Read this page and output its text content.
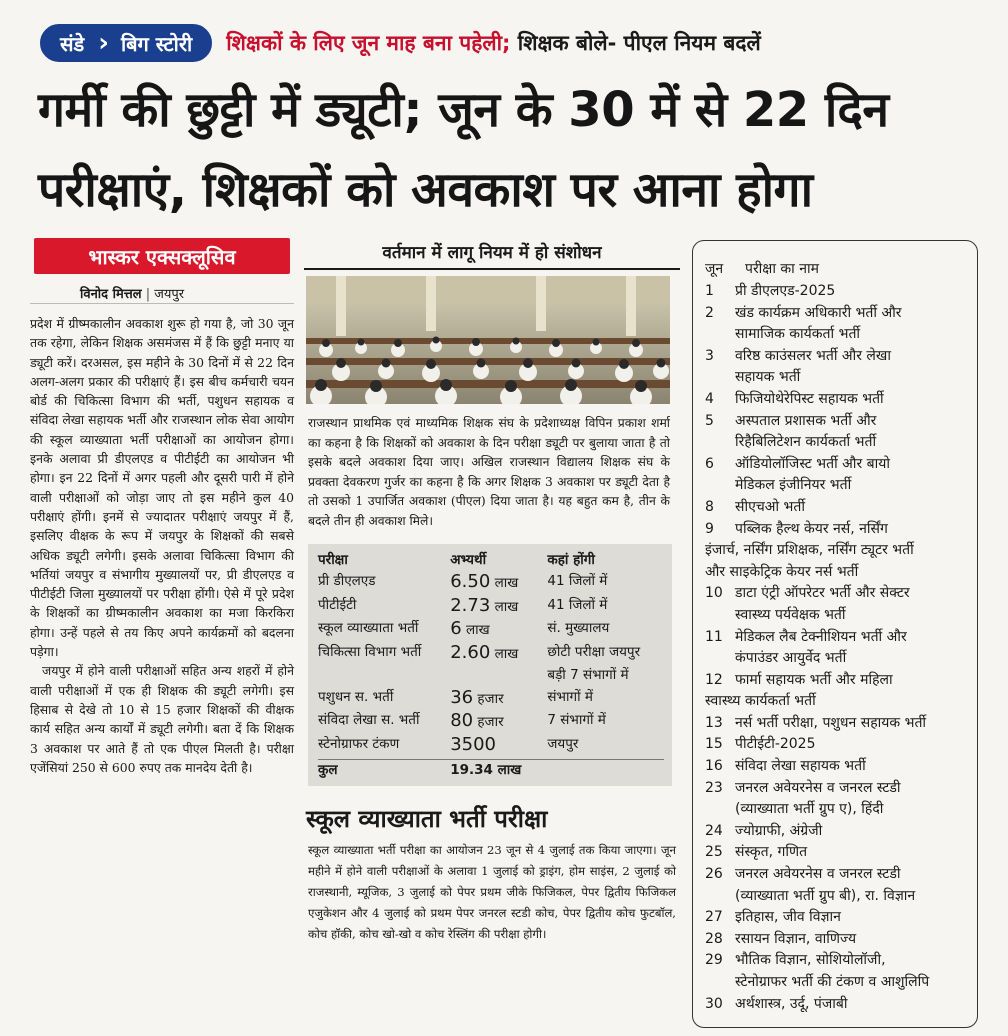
संडे › बिग स्टोरी	शिक्षकों के लिए जून माह बना पहेली; शिक्षक बोले- पीएल नियम बदलें
गर्मी की छुट्टी में ड्यूटी; जून के 30 में से 22 दिन
परीक्षाएं, शिक्षकों को अवकाश पर आना होगा
भास्कर एक्सक्लूसिव
विनोद मित्तल | जयपुर

प्रदेश में ग्रीष्मकालीन अवकाश शुरू हो गया है, जो 30 जून तक रहेगा, लेकिन शिक्षक असमंजस में हैं कि छुट्टी मनाए या ड्यूटी करें। दरअसल, इस महीने के 30 दिनों में से 22 दिन अलग-अलग प्रकार की परीक्षाएं हैं। इस बीच कर्मचारी चयन बोर्ड की चिकित्सा विभाग की भर्ती, पशुधन सहायक व संविदा लेखा सहायक भर्ती और राजस्थान लोक सेवा आयोग की स्कूल व्याख्याता भर्ती परीक्षाओं का आयोजन होगा। इनके अलावा प्री डीएलएड व पीटीईटी का आयोजन भी होगा। इन 22 दिनों में अगर पहली और दूसरी पारी में होने वाली परीक्षाओं को जोड़ा जाए तो इस महीने कुल 40 परीक्षाएं होंगी। इनमें से ज्यादातर परीक्षाएं जयपुर में हैं, इसलिए वीक्षक के रूप में जयपुर के शिक्षकों की सबसे अधिक ड्यूटी लगेगी। इसके अलावा चिकित्सा विभाग की भर्तियां जयपुर व संभागीय मुख्यालयों पर, प्री डीएलएड व पीटीईटी जिला मुख्यालयों पर परीक्षा होंगी। ऐसे में पूरे प्रदेश के शिक्षकों का ग्रीष्मकालीन अवकाश का मजा किरकिरा होगा। उन्हें पहले से तय किए अपने कार्यक्रमों को बदलना पड़ेगा।

जयपुर में होने वाली परीक्षाओं सहित अन्य शहरों में होने वाली परीक्षाओं में एक ही शिक्षक की ड्यूटी लगेगी। इस हिसाब से देखे तो 10 से 15 हजार शिक्षकों की वीक्षक कार्य सहित अन्य कार्यों में ड्यूटी लगेगी। बता दें कि शिक्षक 3 अवकाश पर आते हैं तो एक पीएल मिलती है। परीक्षा एजेंसियां 250 से 600 रुपए तक मानदेय देती है।

वर्तमान में लागू नियम में हो संशोधन
राजस्थान प्राथमिक एवं माध्यमिक शिक्षक संघ के प्रदेशाध्यक्ष विपिन प्रकाश शर्मा का कहना है कि शिक्षकों को अवकाश के दिन परीक्षा ड्यूटी पर बुलाया जाता है तो इसके बदले अवकाश दिया जाए। अखिल राजस्थान विद्यालय शिक्षक संघ के प्रवक्ता देवकरण गुर्जर का कहना है कि अगर शिक्षक 3 अवकाश पर ड्यूटी देता है तो उसको 1 उपार्जित अवकाश (पीएल) दिया जाता है। यह बहुत कम है, तीन के बदले तीन ही अवकाश मिले।
परीक्षा	अभ्यर्थी	कहां होंगी
प्री डीएलएड	6.50 लाख	41 जिलों में
पीटीईटी	2.73 लाख	41 जिलों में
स्कूल व्याख्याता भर्ती	6 लाख	सं. मुख्यालय
चिकित्सा विभाग भर्ती	2.60 लाख	छोटी परीक्षा जयपुर
बड़ी 7 संभागों में
पशुधन स. भर्ती	36 हजार	संभागों में
संविदा लेखा स. भर्ती	80 हजार	7 संभागों में
स्टेनोग्राफर टंकण	3500	जयपुर
कुल	19.34 लाख
स्कूल व्याख्याता भर्ती परीक्षा
स्कूल व्याख्याता भर्ती परीक्षा का आयोजन 23 जून से 4 जुलाई तक किया जाएगा। जून महीने में होने वाली परीक्षाओं के अलावा 1 जुलाई को ड्राइंग, होम साइंस, 2 जुलाई को राजस्थानी, म्यूजिक, 3 जुलाई को पेपर प्रथम जीके फिजिकल, पेपर द्वितीय फिजिकल एजुकेशन और 4 जुलाई को प्रथम पेपर जनरल स्टडी कोच, पेपर द्वितीय कोच फुटबॉल, कोच हॉकी, कोच खो-खो व कोच रेस्लिंग की परीक्षा होगी।
जून	परीक्षा का नाम
1	प्री डीएलएड-2025
2	खंड कार्यक्रम अधिकारी भर्ती और
सामाजिक कार्यकर्ता भर्ती
3	वरिष्ठ काउंसलर भर्ती और लेखा
सहायक भर्ती
4	फिजियोथेरेपिस्ट सहायक भर्ती
5	अस्पताल प्रशासक भर्ती और
रिहैबिलिटेशन कार्यकर्ता भर्ती
6	ऑडियोलॉजिस्ट भर्ती और बायो
मेडिकल इंजीनियर भर्ती
8	सीएचओ भर्ती
9	पब्लिक हैल्थ केयर नर्स, नर्सिंग
इंजार्च, नर्सिंग प्रशिक्षक, नर्सिंग ट्यूटर भर्ती
और साइकेट्रिक केयर नर्स भर्ती
10 डाटा एंट्री ऑपरेटर भर्ती और सेक्टर
स्वास्थ्य पर्यवेक्षक भर्ती
11 मेडिकल लैब टेक्नीशियन भर्ती और
कंपाउंडर आयुर्वेद भर्ती
12 फार्मा सहायक भर्ती और महिला
स्वास्थ्य कार्यकर्ता भर्ती
13 नर्स भर्ती परीक्षा, पशुधन सहायक भर्ती
15 पीटीईटी-2025
16 संविदा लेखा सहायक भर्ती
23 जनरल अवेयरनेस व जनरल स्टडी
(व्याख्याता भर्ती ग्रुप ए), हिंदी
24 ज्योग्राफी, अंग्रेजी
25 संस्कृत, गणित
26 जनरल अवेयरनेस व जनरल स्टडी
(व्याख्याता भर्ती ग्रुप बी), रा. विज्ञान
27 इतिहास, जीव विज्ञान
28 रसायन विज्ञान, वाणिज्य
29 भौतिक विज्ञान, सोशियोलॉजी,
स्टेनोग्राफर भर्ती की टंकण व आशुलिपि
30 अर्थशास्त्र, उर्दू, पंजाबी
